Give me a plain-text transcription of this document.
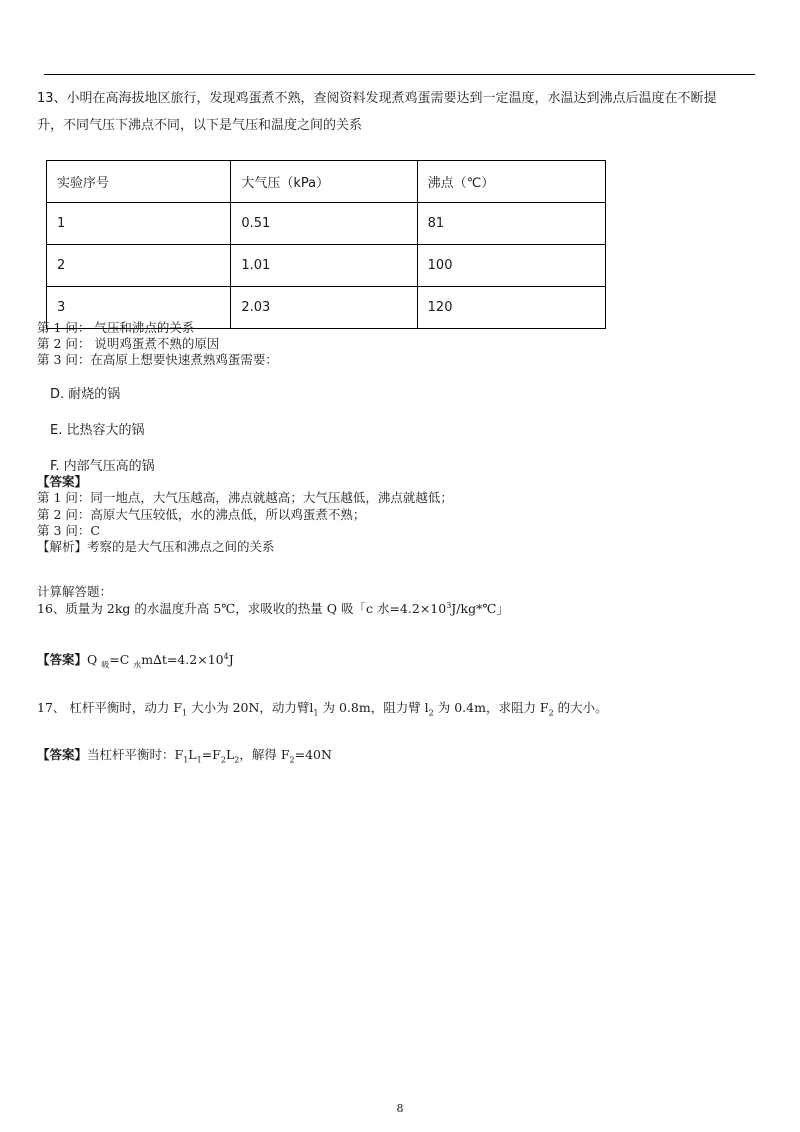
13、小明在高海拔地区旅行，发现鸡蛋煮不熟，查阅资料发现煮鸡蛋需要达到一定温度，水温达到沸点后温度在不断提
升，不同气压下沸点不同，以下是气压和温度之间的关系
实验序号	大气压（kPa）	沸点（℃）
1	0.51	81
2	1.01	100
3	2.03	120
第 1 问： 气压和沸点的关系
第 2 问： 说明鸡蛋煮不熟的原因
第 3 问：在高原上想要快速煮熟鸡蛋需要：
D. 耐烧的锅
E. 比热容大的锅
F. 内部气压高的锅
【答案】
第 1 问：同一地点，大气压越高，沸点就越高；大气压越低，沸点就越低；
第 2 问：高原大气压较低，水的沸点低，所以鸡蛋煮不熟；
第 3 问：C
【解析】考察的是大气压和沸点之间的关系
计算解答题：
16、质量为 2kg 的水温度升高 5℃，求吸收的热量 Q 吸「c 水$=4.2\times 10^3J/kg*℃$」
【答案】Q $_吸$=C $_水m\Delta t=4.2\times 10^4J$
17、 杠杆平衡时，动力 $F_1$ 大小为 20N，动力臂$l_1$ 为 0.8m，阻力臂 $l_2$ 为 0.4m，求阻力 $F_2$ 的大小。
【答案】当杠杆平衡时：$F_1L_1=F_2L_2$，解得 $F_2=40N$
8
